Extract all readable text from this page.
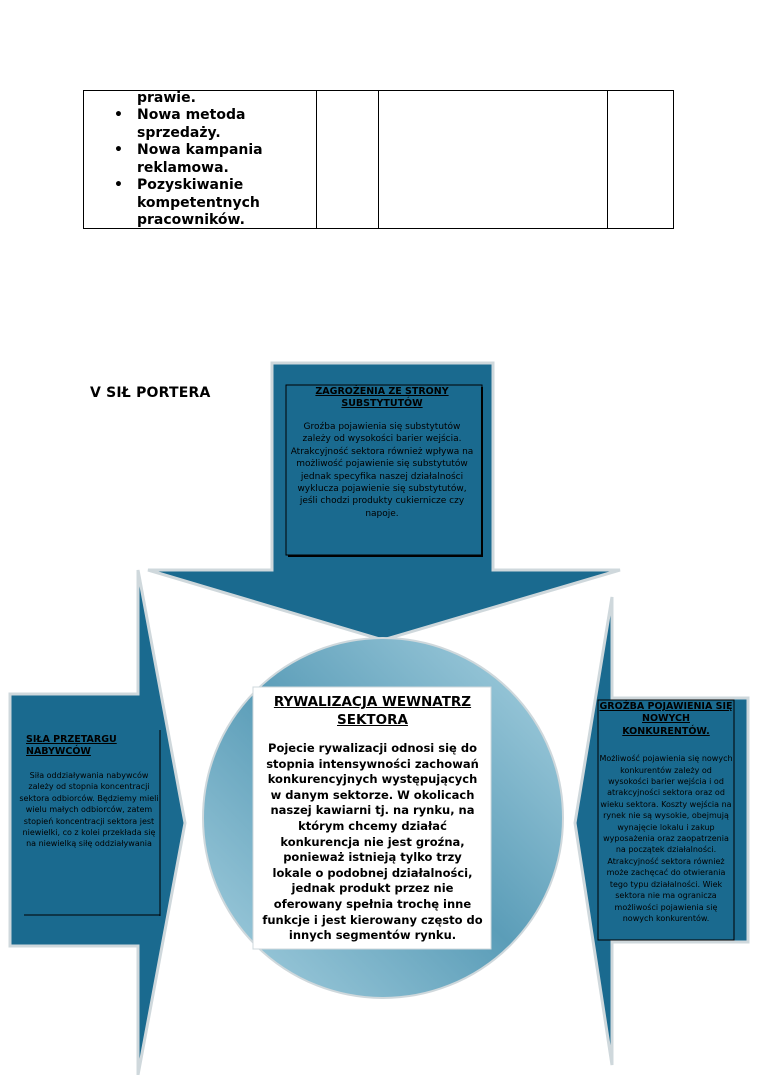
prawie.
• Nowa metoda sprzedaży.
• Nowa kampania reklamowa.
• Pozyskiwanie kompetentnych pracowników.
V SIŁ PORTERA	ZAGROŻENIA ZE STRONY SUBSTYTUTÓW
Groźba pojawienia się substytutów zależy od wysokości barier wejścia. Atrakcyjność sektora również wpływa na możliwość pojawienie się substytutów jednak specyfika naszej działalności wyklucza pojawienie się substytutów, jeśli chodzi produkty cukiernicze czy napoje.
SIŁA PRZETARGU NABYWCÓW
Siła oddziaływania nabywców zależy od stopnia koncentracji sektora odbiorców. Będziemy mieli wielu małych odbiorców, zatem stopień koncentracji sektora jest niewielki, co z kolei przekłada się na niewielką siłę oddziaływania
GROŹBA POJAWIENIA SIĘ NOWYCH KONKURENTÓW.
Możliwość pojawienia się nowych konkurentów zależy od wysokości barier wejścia i od atrakcyjności sektora oraz od wieku sektora. Koszty wejścia na rynek nie są wysokie, obejmują wynajęcie lokalu i zakup wyposażenia oraz zaopatrzenia na początek działalności. Atrakcyjność sektora również może zachęcać do otwierania tego typu działalności. Wiek sektora nie ma ogranicza możliwości pojawienia się nowych konkurentów.
RYWALIZACJA WEWNATRZ SEKTORA
Pojecie rywalizacji odnosi się do stopnia intensywności zachowań konkurencyjnych występujących w danym sektorze. W okolicach naszej kawiarni tj. na rynku, na którym chcemy działać konkurencja nie jest groźna, ponieważ istnieją tylko trzy lokale o podobnej działalności, jednak produkt przez nie oferowany spełnia trochę inne funkcje i jest kierowany często do innych segmentów rynku.
